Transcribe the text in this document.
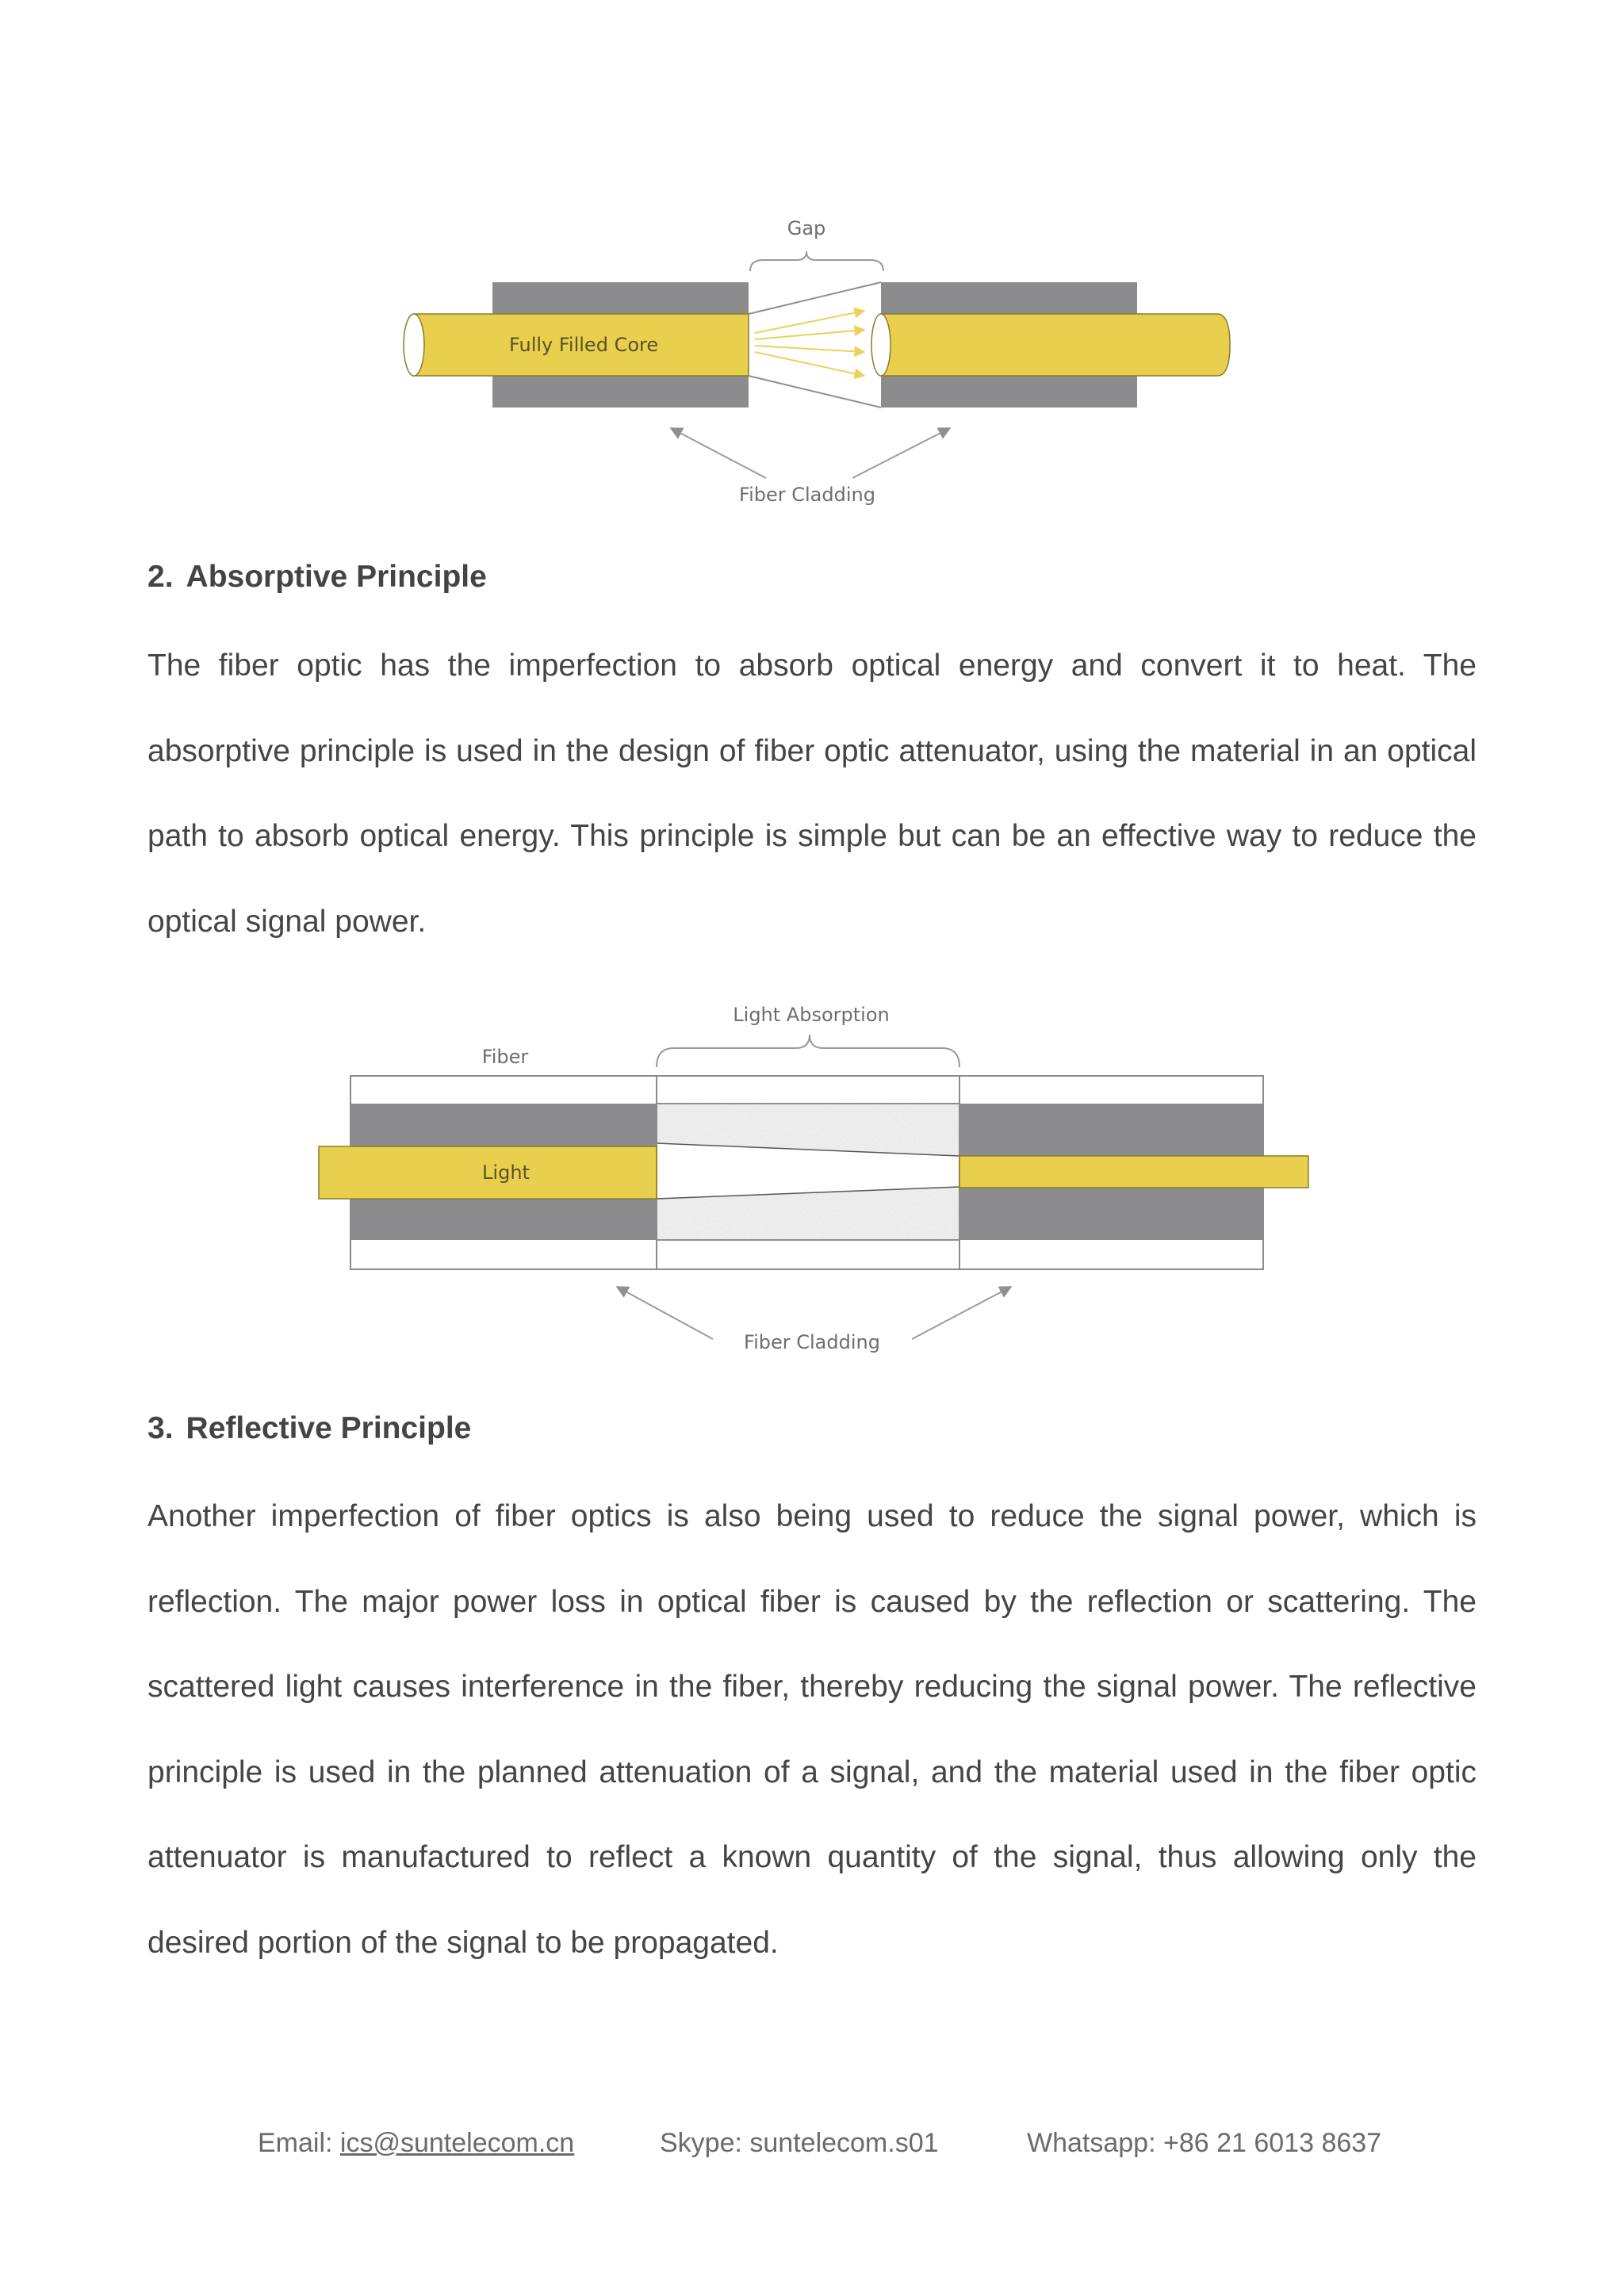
Gap
Fully Filled Core
Fiber Cladding
2. Absorptive Principle

The fiber optic has the imperfection to absorb optical energy and convert it to heat. The
absorptive principle is used in the design of fiber optic attenuator, using the material in an optical
path to absorb optical energy. This principle is simple but can be an effective way to reduce the
optical signal power.

Light Absorption
Fiber
Light
Fiber Cladding
3. Reflective Principle

Another imperfection of fiber optics is also being used to reduce the signal power, which is
reflection. The major power loss in optical fiber is caused by the reflection or scattering. The
scattered light causes interference in the fiber, thereby reducing the signal power. The reflective
principle is used in the planned attenuation of a signal, and the material used in the fiber optic
attenuator is manufactured to reflect a known quantity of the signal, thus allowing only the
desired portion of the signal to be propagated.

Email: ics@suntelecom.cn	Skype: suntelecom.s01	Whatsapp: +86 21 6013 8637
